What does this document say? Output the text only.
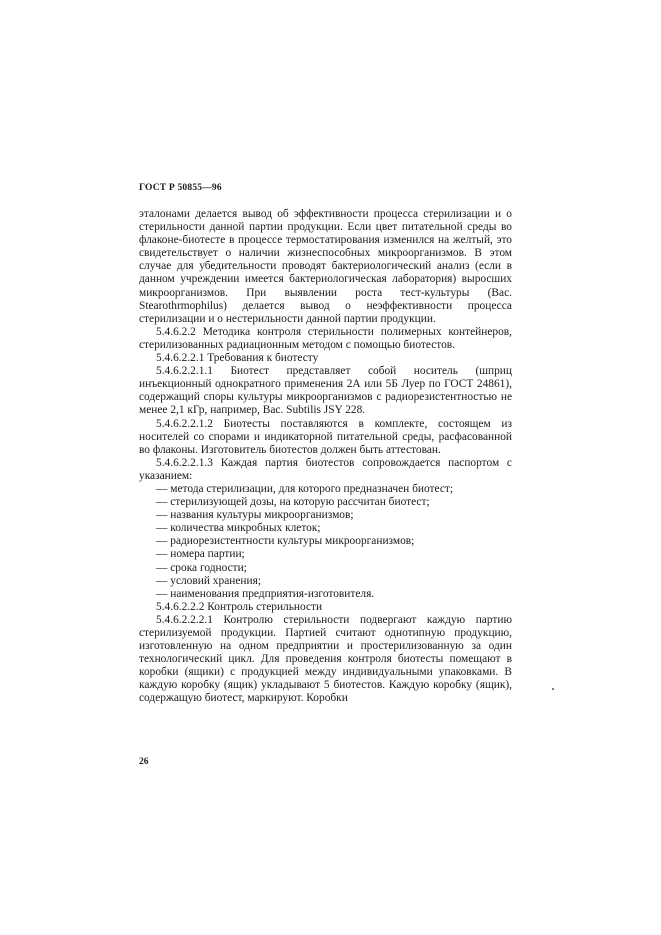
ГОСТ Р 50855—96

эталонами делается вывод об эффективности процесса стерилизации и о стерильности данной партии продукции. Если цвет питательной среды во флаконе-биотесте в процессе термостатирования изменился на желтый, это свидетельствует о наличии жизнеспособных микроорганизмов. В этом случае для убедительности проводят бактериологический анализ (если в данном учреждении имеется бактериологическая лаборатория) выросших микроорганизмов. При выявлении роста тест-культуры (Bac. Stearothrmophilus) делается вывод о неэффективности процесса стерилизации и о нестерильности данной партии продукции.

5.4.6.2.2 Методика контроля стерильности полимерных контейнеров, стерилизованных радиационным методом с помощью биотестов.

5.4.6.2.2.1 Требования к биотесту

5.4.6.2.2.1.1 Биотест представляет собой носитель (шприц инъекционный однократного применения 2А или 5Б Луер по ГОСТ 24861), содержащий споры культуры микроорганизмов с радиорезистентностью не менее 2,1 кГр, например, Bac. Subtilis JSY 228.

5.4.6.2.2.1.2 Биотесты поставляются в комплекте, состоящем из носителей со спорами и индикаторной питательной среды, расфасованной во флаконы. Изготовитель биотестов должен быть аттестован.

5.4.6.2.2.1.3 Каждая партия биотестов сопровождается паспортом с указанием:

— метода стерилизации, для которого предназначен биотест;
— стерилизующей дозы, на которую рассчитан биотест;
— названия культуры микроорганизмов;
— количества микробных клеток;
— радиорезистентности культуры микроорганизмов;
— номера партии;
— срока годности;
— условий хранения;
— наименования предприятия-изготовителя.

5.4.6.2.2.2 Контроль стерильности

5.4.6.2.2.2.1 Контролю стерильности подвергают каждую партию стерилизуемой продукции. Партией считают однотипную продукцию, изготовленную на одном предприятии и простерилизованную за один технологический цикл. Для проведения контроля биотесты помещают в коробки (ящики) с продукцией между индивидуальными упаковками. В каждую коробку (ящик) укладывают 5 биотестов. Каждую коробку (ящик), содержащую биотест, маркируют. Коробки

26
